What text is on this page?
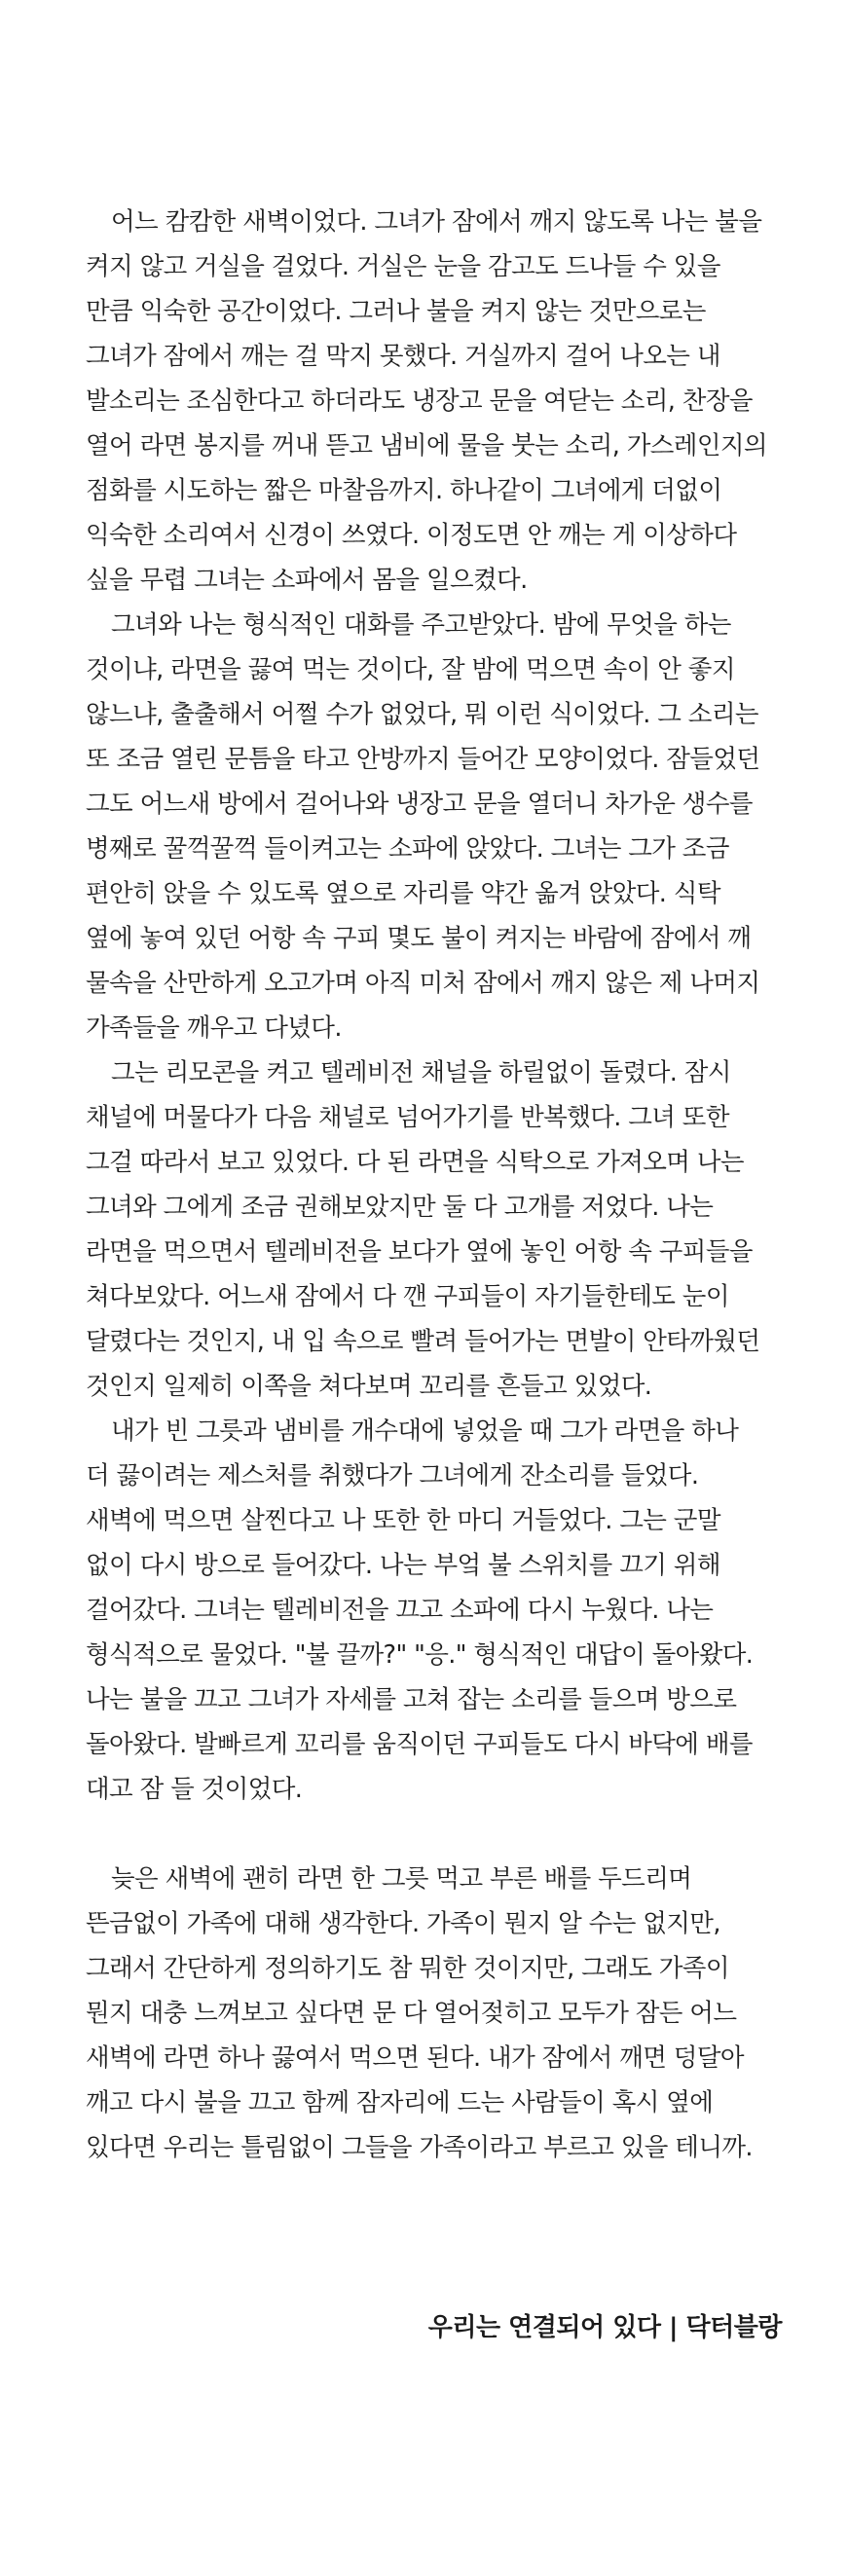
어느 캄캄한 새벽이었다. 그녀가 잠에서 깨지 않도록 나는 불을 켜지 않고 거실을 걸었다. 거실은 눈을 감고도 드나들 수 있을 만큼 익숙한 공간이었다. 그러나 불을 켜지 않는 것만으로는 그녀가 잠에서 깨는 걸 막지 못했다. 거실까지 걸어 나오는 내 발소리는 조심한다고 하더라도 냉장고 문을 여닫는 소리, 찬장을 열어 라면 봉지를 꺼내 뜯고 냄비에 물을 붓는 소리, 가스레인지의 점화를 시도하는 짧은 마찰음까지. 하나같이 그녀에게 더없이 익숙한 소리여서 신경이 쓰였다. 이정도면 안 깨는 게 이상하다 싶을 무렵 그녀는 소파에서 몸을 일으켰다.

그녀와 나는 형식적인 대화를 주고받았다. 밤에 무엇을 하는 것이냐, 라면을 끓여 먹는 것이다, 잘 밤에 먹으면 속이 안 좋지 않느냐, 출출해서 어쩔 수가 없었다, 뭐 이런 식이었다. 그 소리는 또 조금 열린 문틈을 타고 안방까지 들어간 모양이었다. 잠들었던 그도 어느새 방에서 걸어나와 냉장고 문을 열더니 차가운 생수를 병째로 꿀꺽꿀꺽 들이켜고는 소파에 앉았다. 그녀는 그가 조금 편안히 앉을 수 있도록 옆으로 자리를 약간 옮겨 앉았다. 식탁 옆에 놓여 있던 어항 속 구피 몇도 불이 켜지는 바람에 잠에서 깨 물속을 산만하게 오고가며 아직 미처 잠에서 깨지 않은 제 나머지 가족들을 깨우고 다녔다.

그는 리모콘을 켜고 텔레비전 채널을 하릴없이 돌렸다. 잠시 채널에 머물다가 다음 채널로 넘어가기를 반복했다. 그녀 또한 그걸 따라서 보고 있었다. 다 된 라면을 식탁으로 가져오며 나는 그녀와 그에게 조금 권해보았지만 둘 다 고개를 저었다. 나는 라면을 먹으면서 텔레비전을 보다가 옆에 놓인 어항 속 구피들을 쳐다보았다. 어느새 잠에서 다 깬 구피들이 자기들한테도 눈이 달렸다는 것인지, 내 입 속으로 빨려 들어가는 면발이 안타까웠던 것인지 일제히 이쪽을 쳐다보며 꼬리를 흔들고 있었다.

내가 빈 그릇과 냄비를 개수대에 넣었을 때 그가 라면을 하나 더 끓이려는 제스처를 취했다가 그녀에게 잔소리를 들었다. 새벽에 먹으면 살찐다고 나 또한 한 마디 거들었다. 그는 군말 없이 다시 방으로 들어갔다. 나는 부엌 불 스위치를 끄기 위해 걸어갔다. 그녀는 텔레비전을 끄고 소파에 다시 누웠다. 나는 형식적으로 물었다. "불 끌까?" "응." 형식적인 대답이 돌아왔다. 나는 불을 끄고 그녀가 자세를 고쳐 잡는 소리를 들으며 방으로 돌아왔다. 발빠르게 꼬리를 움직이던 구피들도 다시 바닥에 배를 대고 잠 들 것이었다.

늦은 새벽에 괜히 라면 한 그릇 먹고 부른 배를 두드리며 뜬금없이 가족에 대해 생각한다. 가족이 뭔지 알 수는 없지만, 그래서 간단하게 정의하기도 참 뭐한 것이지만, 그래도 가족이 뭔지 대충 느껴보고 싶다면 문 다 열어젖히고 모두가 잠든 어느 새벽에 라면 하나 끓여서 먹으면 된다. 내가 잠에서 깨면 덩달아 깨고 다시 불을 끄고 함께 잠자리에 드는 사람들이 혹시 옆에 있다면 우리는 틀림없이 그들을 가족이라고 부르고 있을 테니까.

우리는 연결되어 있다 | 닥터블랑
